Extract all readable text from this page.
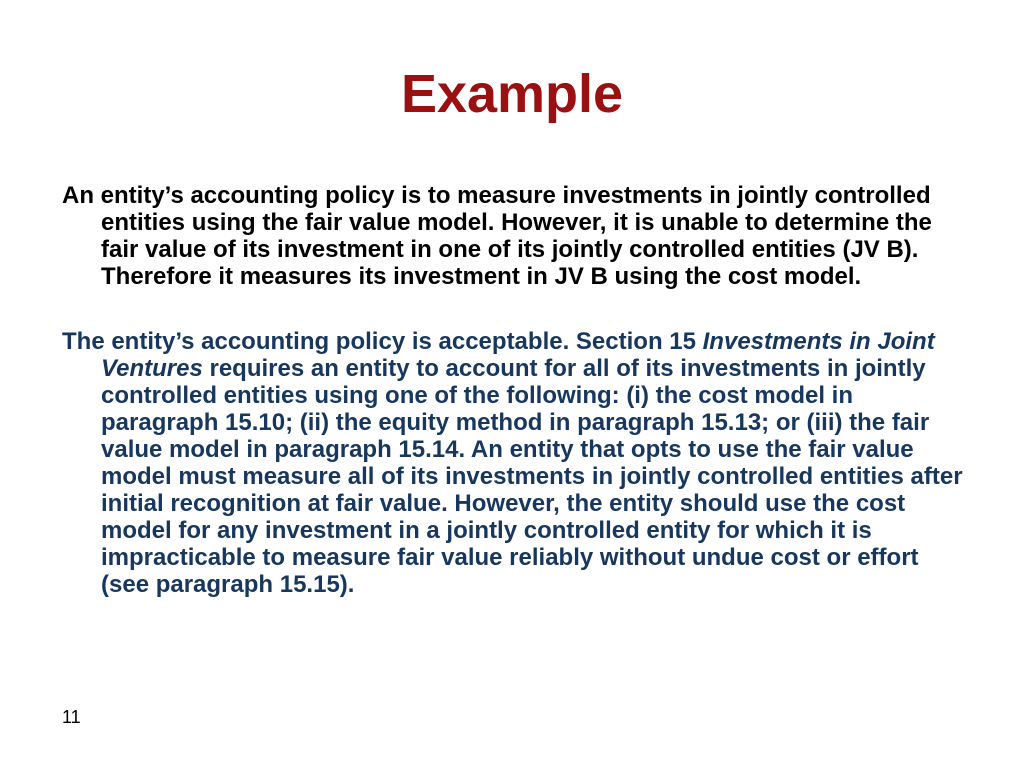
Example

An entity’s accounting policy is to measure investments in jointly controlled entities using the fair value model. However, it is unable to determine the fair value of its investment in one of its jointly controlled entities (JV B). Therefore it measures its investment in JV B using the cost model.

The entity’s accounting policy is acceptable. Section 15 Investments in Joint Ventures requires an entity to account for all of its investments in jointly controlled entities using one of the following: (i) the cost model in paragraph 15.10; (ii) the equity method in paragraph 15.13; or (iii) the fair value model in paragraph 15.14. An entity that opts to use the fair value model must measure all of its investments in jointly controlled entities after initial recognition at fair value. However, the entity should use the cost model for any investment in a jointly controlled entity for which it is impracticable to measure fair value reliably without undue cost or effort (see paragraph 15.15).

11
